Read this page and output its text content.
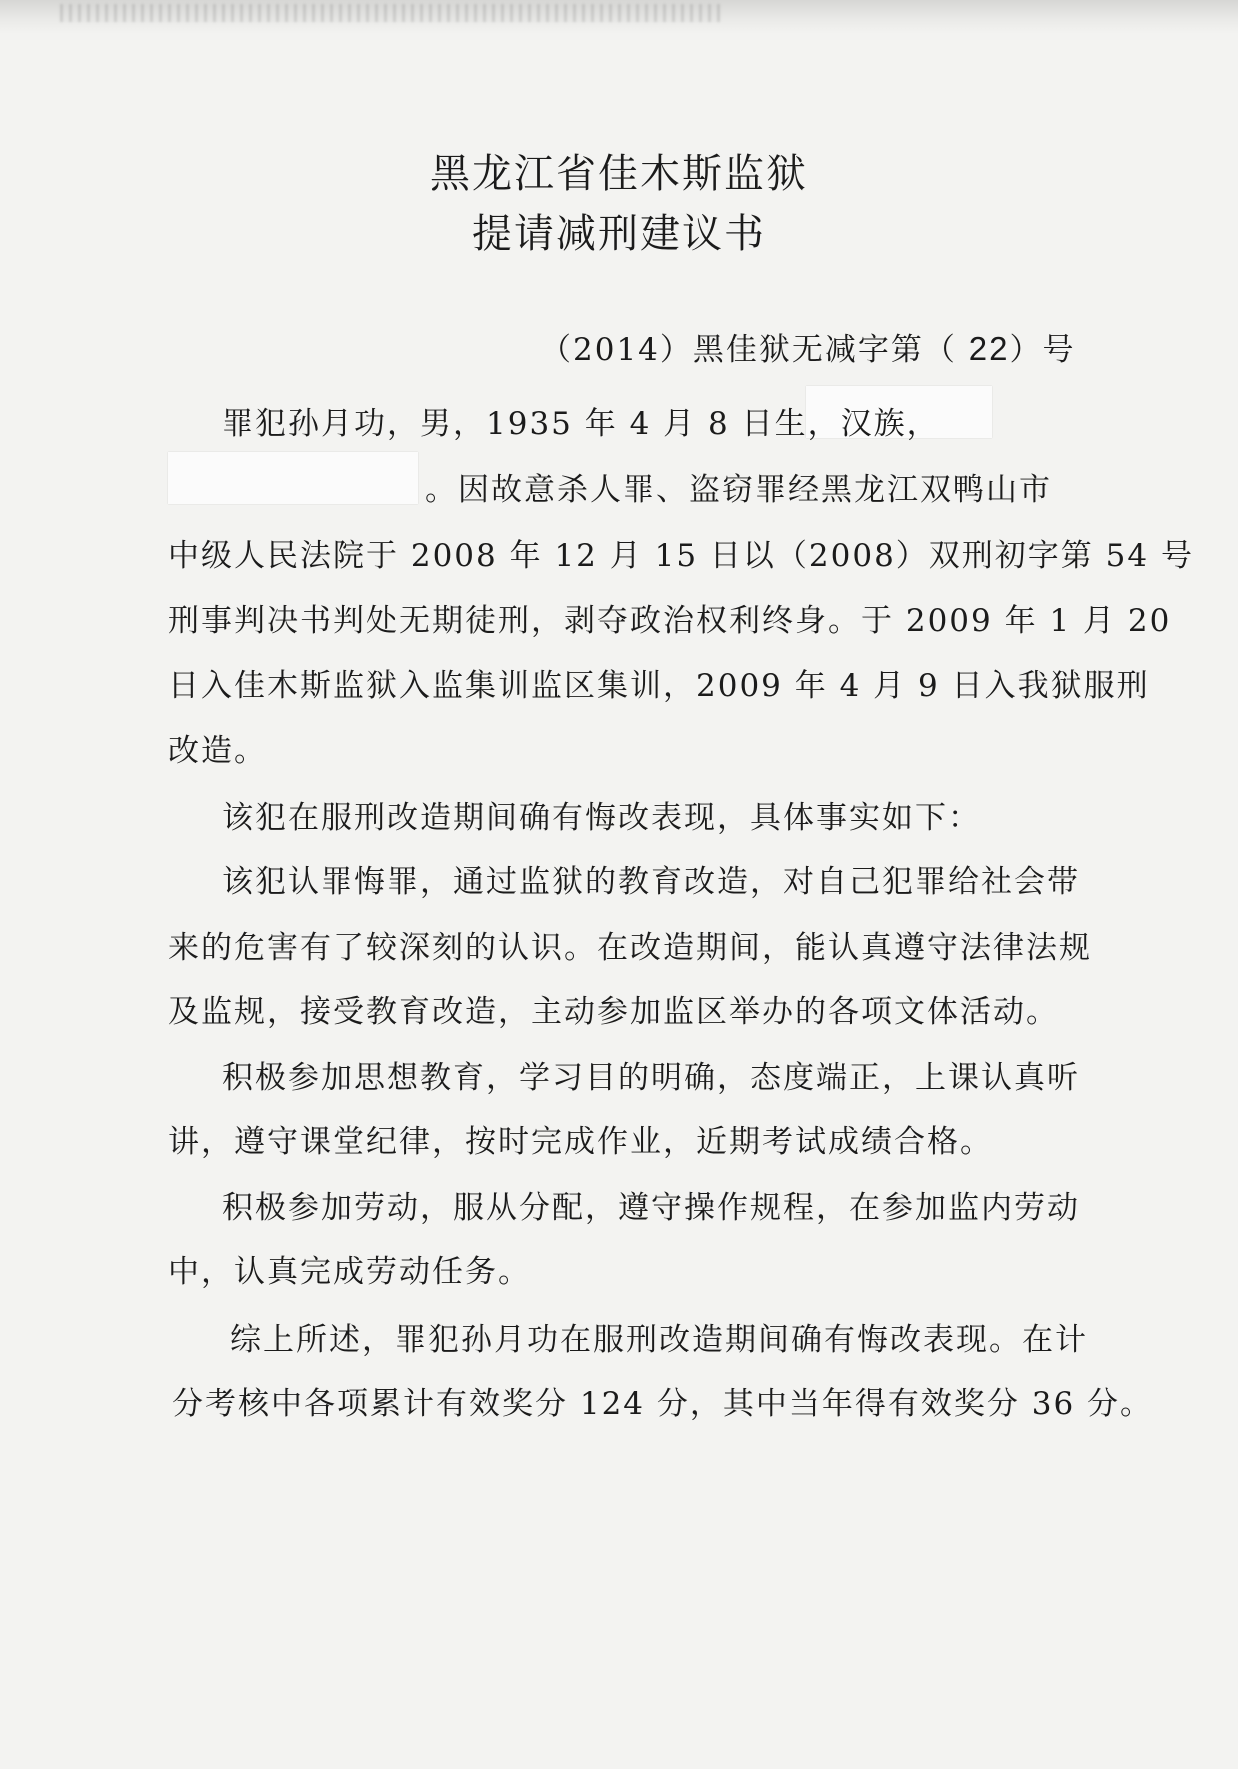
黑龙江省佳木斯监狱
提请减刑建议书
（2014）黑佳狱无减字第（ 22）号
罪犯孙月功，男，1935 年 4 月 8 日生，汉族，
。因故意杀人罪、盗窃罪经黑龙江双鸭山市
中级人民法院于 2008 年 12 月 15 日以（2008）双刑初字第 54 号
刑事判决书判处无期徒刑，剥夺政治权利终身。于 2009 年 1 月 20
日入佳木斯监狱入监集训监区集训，2009 年 4 月 9 日入我狱服刑
改造。
该犯在服刑改造期间确有悔改表现，具体事实如下：
该犯认罪悔罪，通过监狱的教育改造，对自己犯罪给社会带
来的危害有了较深刻的认识。在改造期间，能认真遵守法律法规
及监规，接受教育改造，主动参加监区举办的各项文体活动。
积极参加思想教育，学习目的明确，态度端正，上课认真听
讲，遵守课堂纪律，按时完成作业，近期考试成绩合格。
积极参加劳动，服从分配，遵守操作规程，在参加监内劳动
中，认真完成劳动任务。
综上所述，罪犯孙月功在服刑改造期间确有悔改表现。在计
分考核中各项累计有效奖分 124 分，其中当年得有效奖分 36 分。
